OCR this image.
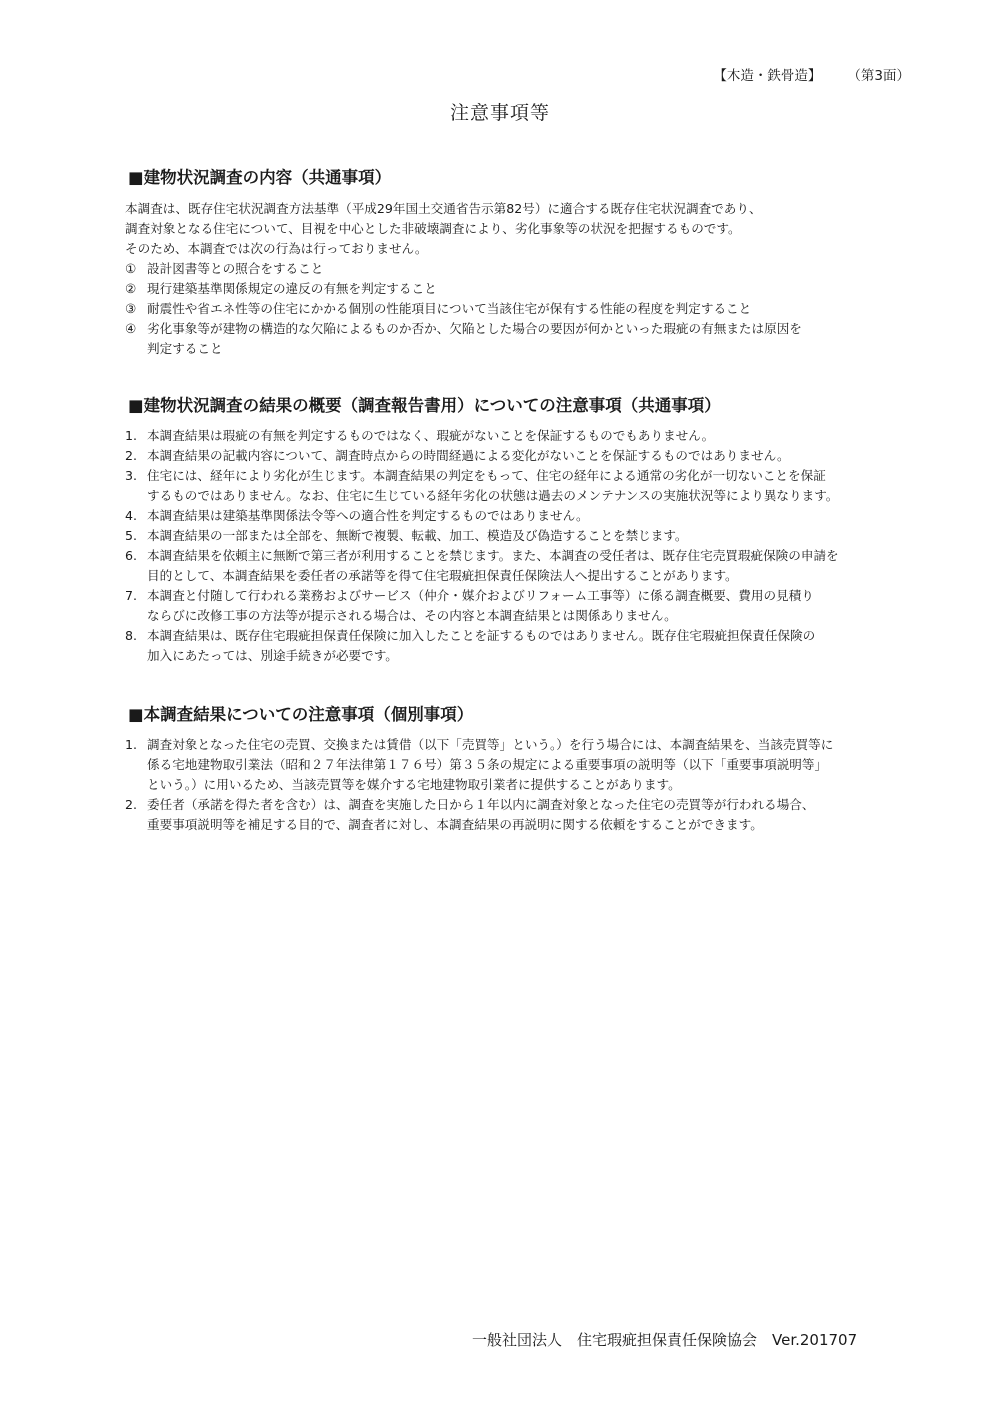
【木造・鉄骨造】 （第3面）
注意事項等
■建物状況調査の内容（共通事項）

本調査は、既存住宅状況調査方法基準（平成29年国土交通省告示第82号）に適合する既存住宅状況調査であり、

調査対象となる住宅について、目視を中心とした非破壊調査により、劣化事象等の状況を把握するものです。

そのため、本調査では次の行為は行っておりません。

① 設計図書等との照合をすること
② 現行建築基準関係規定の違反の有無を判定すること
③ 耐震性や省エネ性等の住宅にかかる個別の性能項目について当該住宅が保有する性能の程度を判定すること
④ 劣化事象等が建物の構造的な欠陥によるものか否か、欠陥とした場合の要因が何かといった瑕疵の有無または原因を
判定すること
■建物状況調査の結果の概要（調査報告書用）についての注意事項（共通事項）
1. 本調査結果は瑕疵の有無を判定するものではなく、瑕疵がないことを保証するものでもありません。
2. 本調査結果の記載内容について、調査時点からの時間経過による変化がないことを保証するものではありません。
3. 住宅には、経年により劣化が生じます。本調査結果の判定をもって、住宅の経年による通常の劣化が一切ないことを保証
するものではありません。なお、住宅に生じている経年劣化の状態は過去のメンテナンスの実施状況等により異なります。
4. 本調査結果は建築基準関係法令等への適合性を判定するものではありません。
5. 本調査結果の一部または全部を、無断で複製、転載、加工、模造及び偽造することを禁じます。
6. 本調査結果を依頼主に無断で第三者が利用することを禁じます。また、本調査の受任者は、既存住宅売買瑕疵保険の申請を
目的として、本調査結果を委任者の承諾等を得て住宅瑕疵担保責任保険法人へ提出することがあります。
7. 本調査と付随して行われる業務およびサービス（仲介・媒介およびリフォーム工事等）に係る調査概要、費用の見積り
ならびに改修工事の方法等が提示される場合は、その内容と本調査結果とは関係ありません。
8. 本調査結果は、既存住宅瑕疵担保責任保険に加入したことを証するものではありません。既存住宅瑕疵担保責任保険の
加入にあたっては、別途手続きが必要です。
■本調査結果についての注意事項（個別事項）
1. 調査対象となった住宅の売買、交換または賃借（以下「売買等」という。）を行う場合には、本調査結果を、当該売買等に
係る宅地建物取引業法（昭和２７年法律第１７６号）第３５条の規定による重要事項の説明等（以下「重要事項説明等」
という。）に用いるため、当該売買等を媒介する宅地建物取引業者に提供することがあります。
2. 委任者（承諾を得た者を含む）は、調査を実施した日から１年以内に調査対象となった住宅の売買等が行われる場合、
重要事項説明等を補足する目的で、調査者に対し、本調査結果の再説明に関する依頼をすることができます。
一般社団法人　住宅瑕疵担保責任保険協会　Ver.201707
